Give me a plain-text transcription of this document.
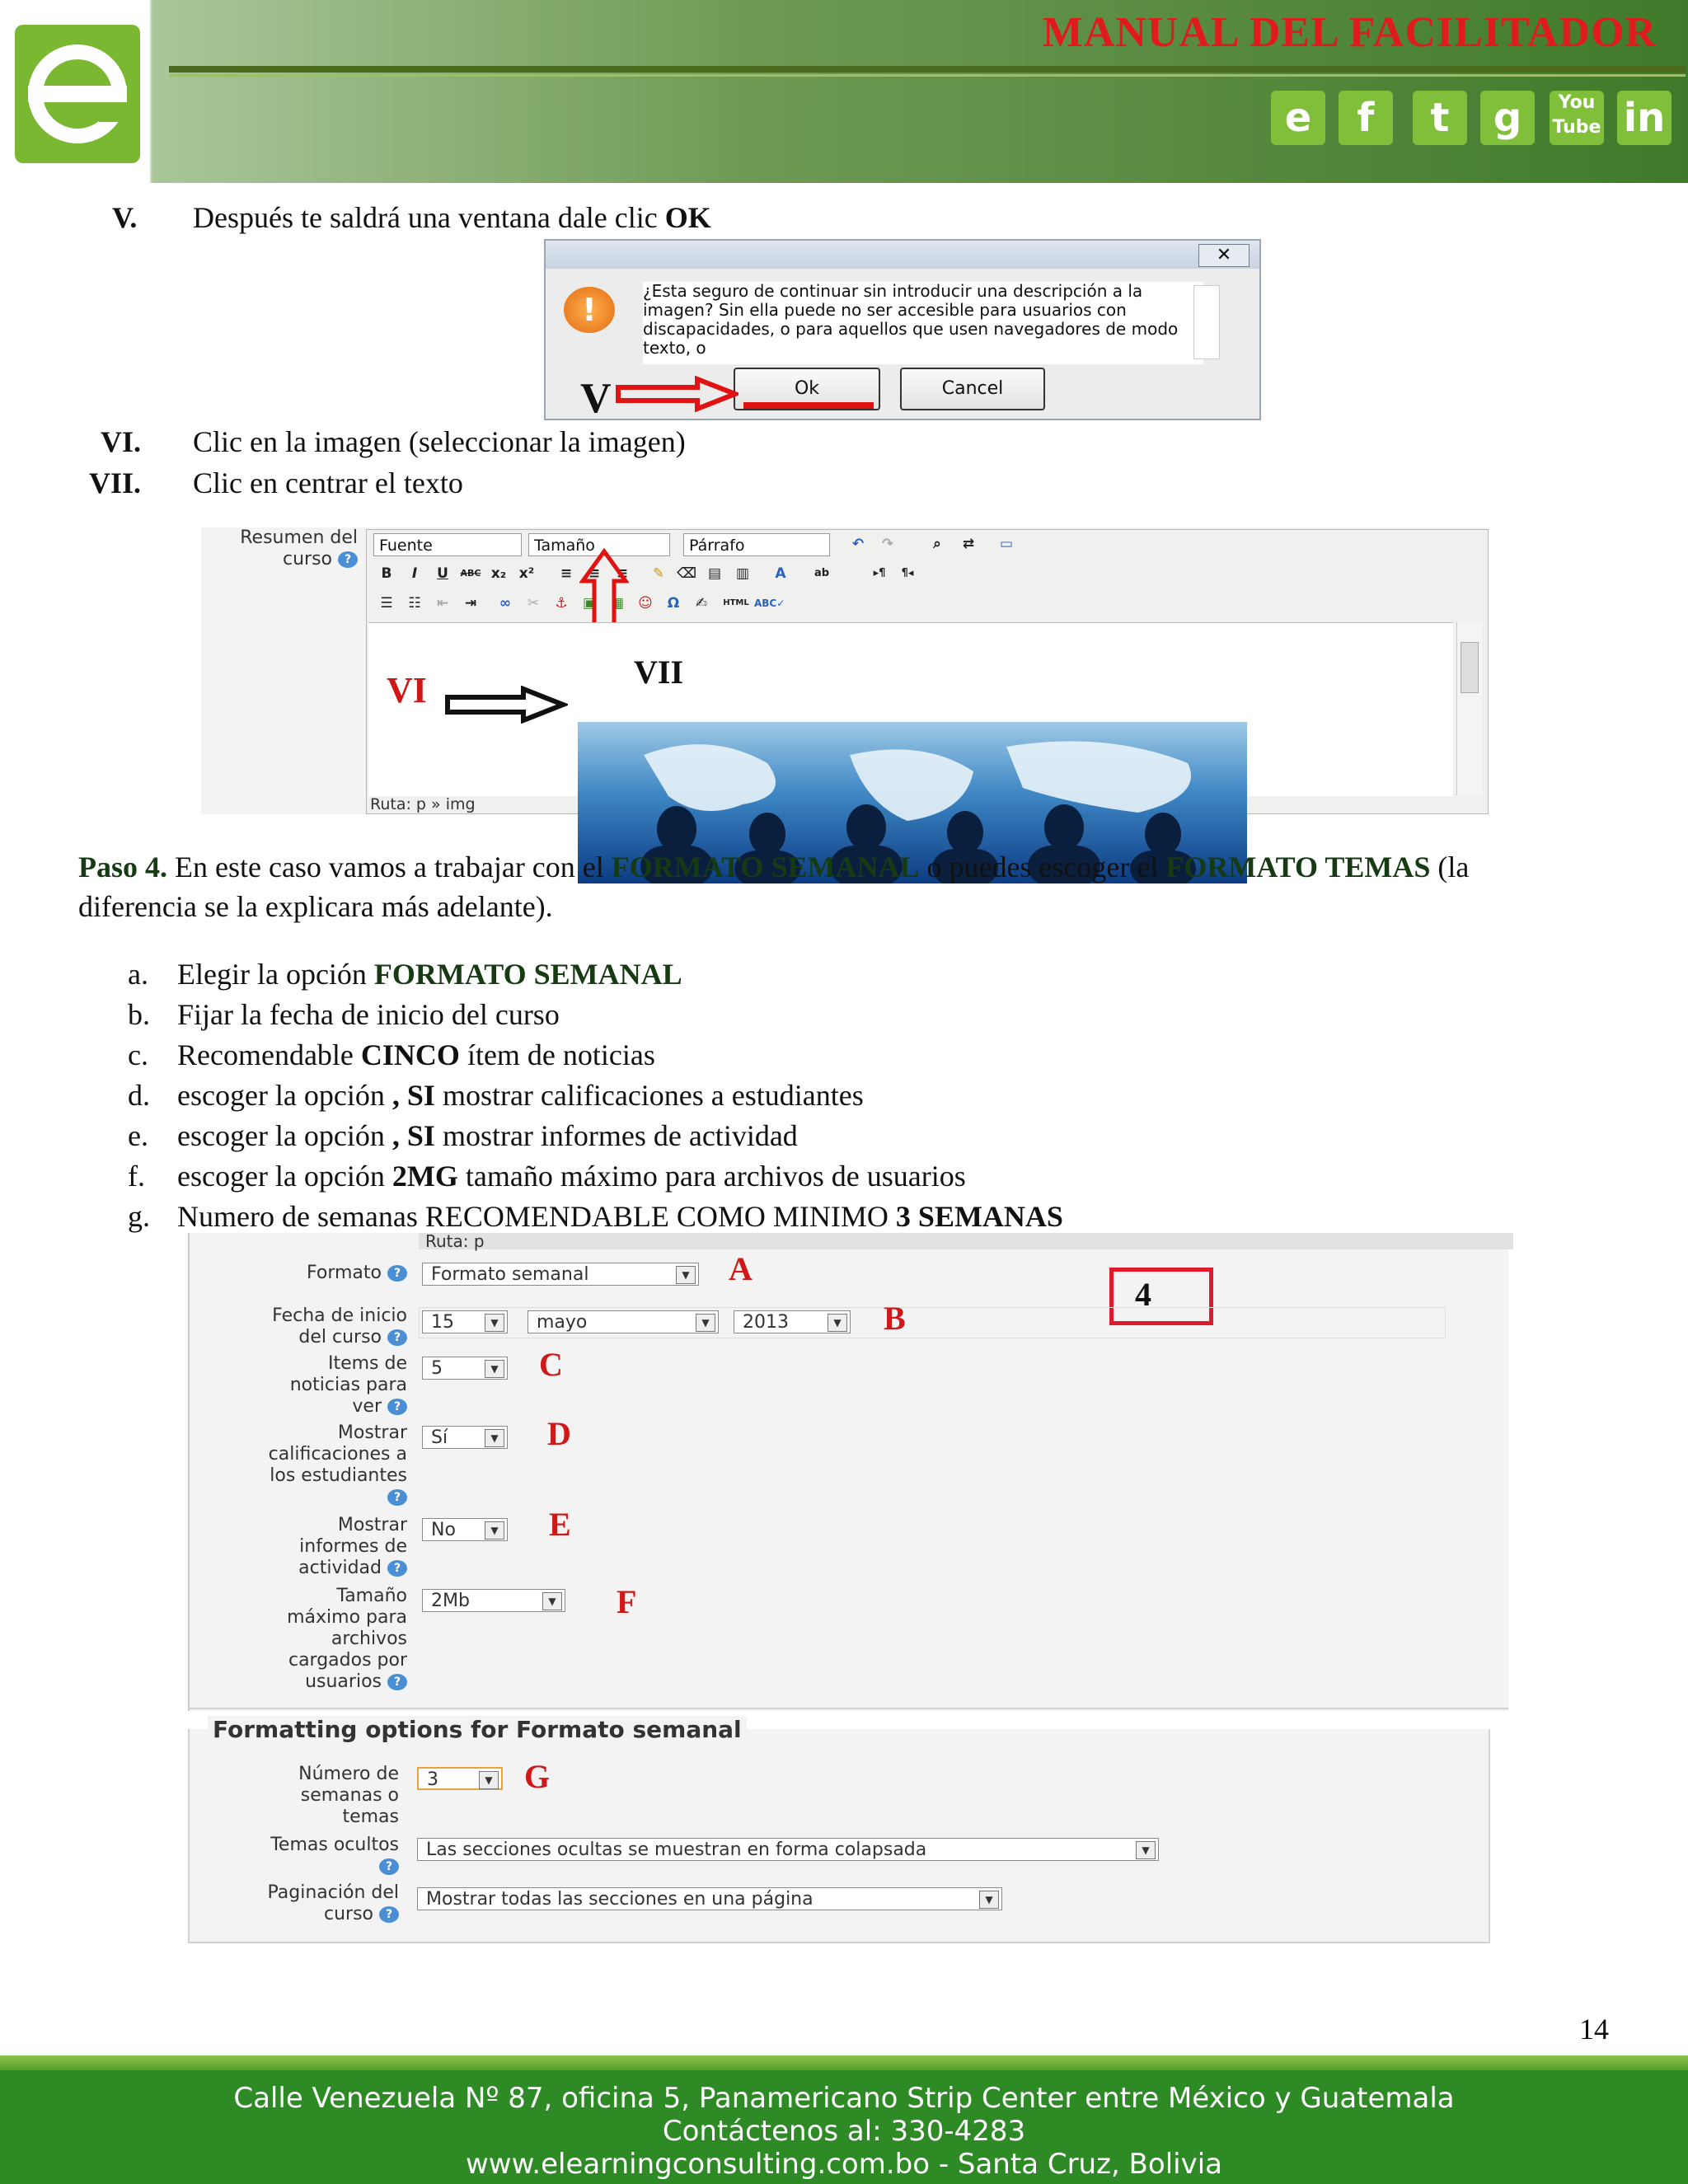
MANUAL DEL FACILITADOR
e	f	t	g	You
Tube in
V. Después te saldrá una ventana dale clic OK
✕
!
¿Esta seguro de continuar sin introducir una descripción a la imagen? Sin ella puede no ser accesible para usuarios con discapacidades, o para aquellos que usen navegadores de modo texto, o
Ok	Cancel
V
VI. Clic en la imagen (seleccionar la imagen)
VII. Clic en centrar el texto
Resumen del curso ?
Fuente	Tamaño	Párrafo	↶	↷	⌕	⇄	▭
B	I	U	ABC x₂ x²	≡	≡	≡	✎ ⌫ ▤	▥	A	ab	▸¶	¶◂
☰	☷	⇤	⇥	∞	✂	⚓	▣	▦	☺	Ω	✍	HTML ABC✓
VI	VII
Ruta: p » img
Paso 4. En este caso vamos a trabajar con el FORMATO SEMANAL o puedes escoger el FORMATO TEMAS (la
diferencia se la explicara más adelante).
a. Elegir la opción FORMATO SEMANAL
b. Fijar la fecha de inicio del curso
c. Recomendable CINCO ítem de noticias
d. escoger la opción , SI mostrar calificaciones a estudiantes
e. escoger la opción , SI mostrar informes de actividad
f. escoger la opción 2MG tamaño máximo para archivos de usuarios
g. Numero de semanas RECOMENDABLE COMO MINIMO 3 SEMANAS
Ruta: p
Formato ?	Formato semanal	▼ A
4
Fecha de inicio
del curso ?
15	▼	mayo	▼	2013	▼ B
Items de
noticias para
ver ?
5	▼ C
Mostrar
calificaciones a
los estudiantes
?
Sí	▼ D
Mostrar
informes de
actividad ?
No	▼ E
Tamaño
máximo para
archivos
cargados por
usuarios ?
2Mb	▼ F
Formatting options for Formato semanal
Número de
semanas o
temas
3	▼ G
Temas ocultos
?
Las secciones ocultas se muestran en forma colapsada	▼
Paginación del
curso ?
Mostrar todas las secciones en una página	▼
14
Calle Venezuela Nº 87, oficina 5, Panamericano Strip Center entre México y Guatemala
Contáctenos al: 330-4283
www.elearningconsulting.com.bo - Santa Cruz, Bolivia
